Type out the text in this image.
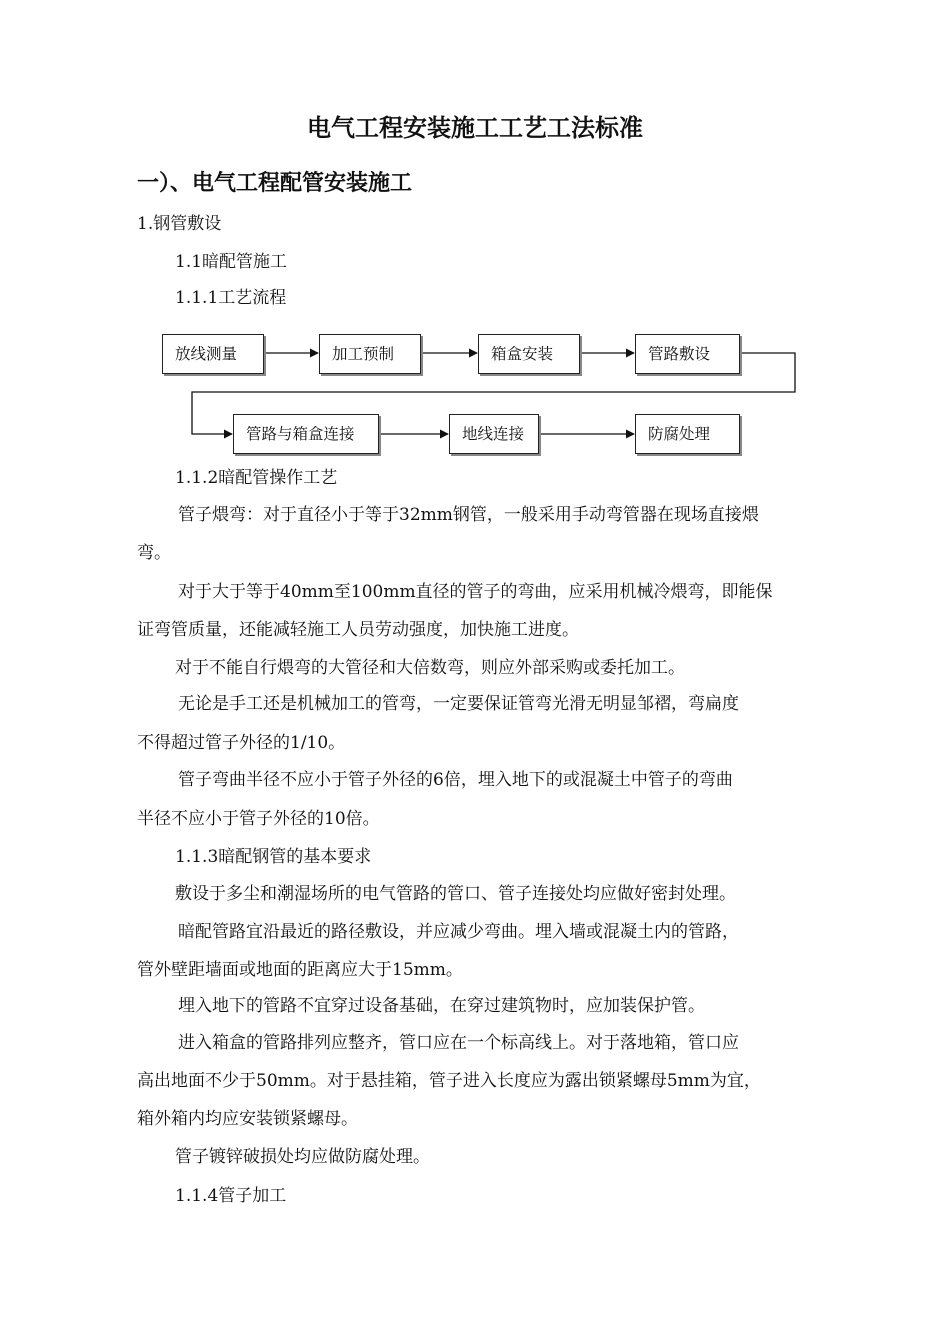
电气工程安装施工工艺工法标准
一）、电气工程配管安装施工
1.钢管敷设
1.1暗配管施工
1.1.1工艺流程
放线测量	加工预制	箱盒安装	管路敷设
管路与箱盒连接	地线连接	防腐处理
1.1.2暗配管操作工艺
管子煨弯：对于直径小于等于32mm钢管，一般采用手动弯管器在现场直接煨
弯。
对于大于等于40mm至100mm直径的管子的弯曲，应采用机械冷煨弯，即能保
证弯管质量，还能减轻施工人员劳动强度，加快施工进度。
对于不能自行煨弯的大管径和大倍数弯，则应外部采购或委托加工。
无论是手工还是机械加工的管弯，一定要保证管弯光滑无明显邹褶，弯扁度
不得超过管子外径的1/10。
管子弯曲半径不应小于管子外径的6倍，埋入地下的或混凝土中管子的弯曲
半径不应小于管子外径的10倍。
1.1.3暗配钢管的基本要求
敷设于多尘和潮湿场所的电气管路的管口、管子连接处均应做好密封处理。
暗配管路宜沿最近的路径敷设，并应减少弯曲。埋入墙或混凝土内的管路，
管外壁距墙面或地面的距离应大于15mm。
埋入地下的管路不宜穿过设备基础，在穿过建筑物时，应加装保护管。
进入箱盒的管路排列应整齐，管口应在一个标高线上。对于落地箱，管口应
高出地面不少于50mm。对于悬挂箱，管子进入长度应为露出锁紧螺母5mm为宜，
箱外箱内均应安装锁紧螺母。
管子镀锌破损处均应做防腐处理。
1.1.4管子加工
